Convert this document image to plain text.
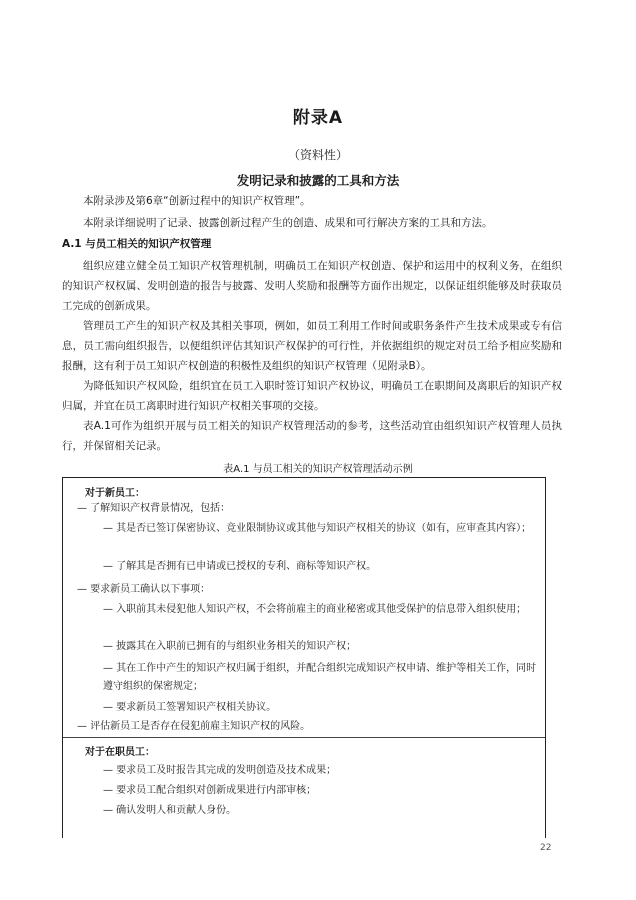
附录A
（资料性）
发明记录和披露的工具和方法

本附录涉及第6章“创新过程中的知识产权管理”。

本附录详细说明了记录、披露创新过程产生的创造、成果和可行解决方案的工具和方法。

A.1 与员工相关的知识产权管理

组织应建立健全员工知识产权管理机制，明确员工在知识产权创造、保护和运用中的权利义务，在组织的知识产权权属、发明创造的报告与披露、发明人奖励和报酬等方面作出规定，以保证组织能够及时获取员工完成的创新成果。

管理员工产生的知识产权及其相关事项，例如，如员工利用工作时间或职务条件产生技术成果或专有信息，员工需向组织报告，以便组织评估其知识产权保护的可行性，并依据组织的规定对员工给予相应奖励和报酬，这有利于员工知识产权创造的积极性及组织的知识产权管理（见附录B）。

为降低知识产权风险，组织宜在员工入职时签订知识产权协议，明确员工在职期间及离职后的知识产权归属，并宜在员工离职时进行知识产权相关事项的交接。

表A.1可作为组织开展与员工相关的知识产权管理活动的参考，这些活动宜由组织知识产权管理人员执行，并保留相关记录。

表A.1 与员工相关的知识产权管理活动示例
对于新员工：
— 了解知识产权背景情况，包括：
— 其是否已签订保密协议、竞业限制协议或其他与知识产权相关的协议（如有，应审查其内容）；
— 了解其是否拥有已申请或已授权的专利、商标等知识产权。
— 要求新员工确认以下事项：
— 入职前其未侵犯他人知识产权，不会将前雇主的商业秘密或其他受保护的信息带入组织使用；
— 披露其在入职前已拥有的与组织业务相关的知识产权；
— 其在工作中产生的知识产权归属于组织，并配合组织完成知识产权申请、维护等相关工作，同时遵守组织的保密规定；
— 要求新员工签署知识产权相关协议。
— 评估新员工是否存在侵犯前雇主知识产权的风险。
对于在职员工：
— 要求员工及时报告其完成的发明创造及技术成果；
— 要求员工配合组织对创新成果进行内部审核；
— 确认发明人和贡献人身份。
22
